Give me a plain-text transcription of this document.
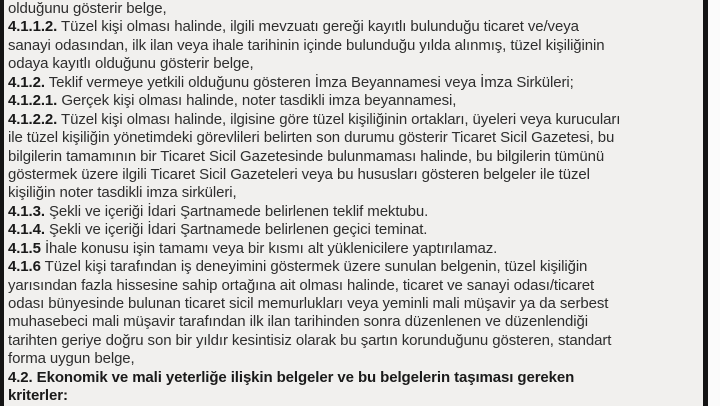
olduğunu gösterir belge,
4.1.1.2. Tüzel kişi olması halinde, ilgili mevzuatı gereği kayıtlı bulunduğu ticaret ve/veya
sanayi odasından, ilk ilan veya ihale tarihinin içinde bulunduğu yılda alınmış, tüzel kişiliğinin
odaya kayıtlı olduğunu gösterir belge,
4.1.2. Teklif vermeye yetkili olduğunu gösteren İmza Beyannamesi veya İmza Sirküleri;
4.1.2.1. Gerçek kişi olması halinde, noter tasdikli imza beyannamesi,
4.1.2.2. Tüzel kişi olması halinde, ilgisine göre tüzel kişiliğinin ortakları, üyeleri veya kurucuları
ile tüzel kişiliğin yönetimdeki görevlileri belirten son durumu gösterir Ticaret Sicil Gazetesi, bu
bilgilerin tamamının bir Ticaret Sicil Gazetesinde bulunmaması halinde, bu bilgilerin tümünü
göstermek üzere ilgili Ticaret Sicil Gazeteleri veya bu hususları gösteren belgeler ile tüzel
kişiliğin noter tasdikli imza sirküleri,
4.1.3. Şekli ve içeriği İdari Şartnamede belirlenen teklif mektubu.
4.1.4. Şekli ve içeriği İdari Şartnamede belirlenen geçici teminat.
4.1.5 İhale konusu işin tamamı veya bir kısmı alt yüklenicilere yaptırılamaz.
4.1.6 Tüzel kişi tarafından iş deneyimini göstermek üzere sunulan belgenin, tüzel kişiliğin
yarısından fazla hissesine sahip ortağına ait olması halinde, ticaret ve sanayi odası/ticaret
odası bünyesinde bulunan ticaret sicil memurlukları veya yeminli mali müşavir ya da serbest
muhasebeci mali müşavir tarafından ilk ilan tarihinden sonra düzenlenen ve düzenlendiği
tarihten geriye doğru son bir yıldır kesintisiz olarak bu şartın korunduğunu gösteren, standart
forma uygun belge,
4.2. Ekonomik ve mali yeterliğe ilişkin belgeler ve bu belgelerin taşıması gereken
kriterler:
